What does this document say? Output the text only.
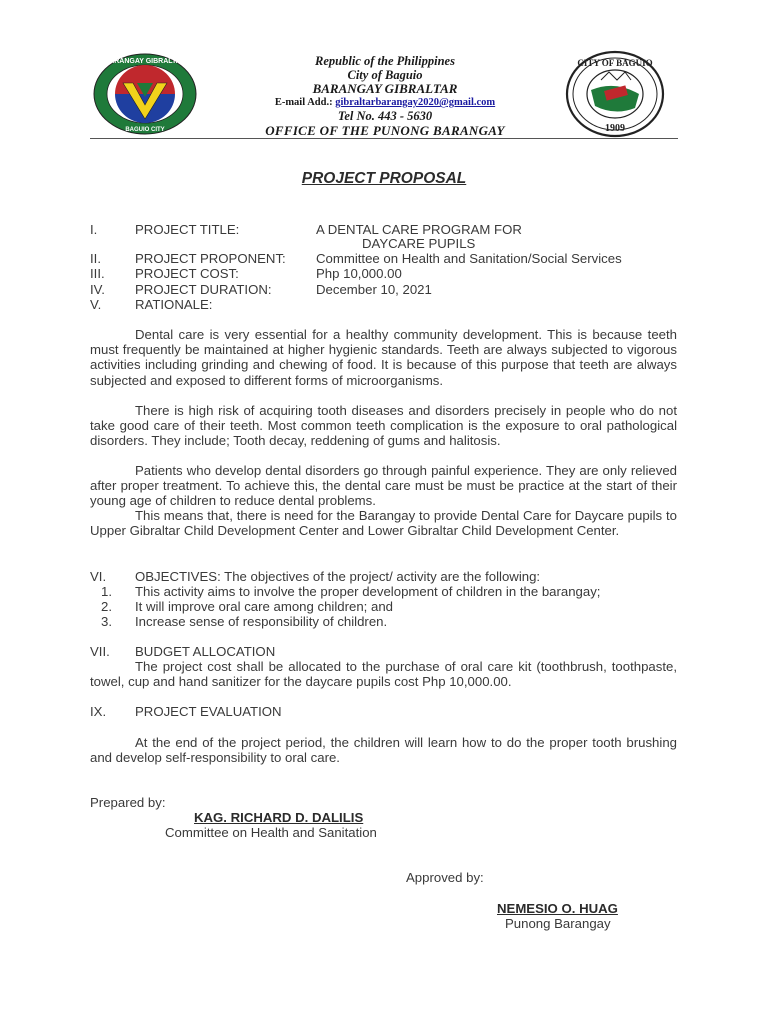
BARANGAY GIBRALTAR
BAGUIO CITY
Republic of the Philippines
City of Baguio
BARANGAY GIBRALTAR
E-mail Add.: gibraltarbarangay2020@gmail.com
Tel No. 443 - 5630
OFFICE OF THE PUNONG BARANGAY
CITY OF BAGUIO
1909
PROJECT PROPOSAL
I.	PROJECT TITLE:	A DENTAL CARE PROGRAM FOR
DAYCARE PUPILS
II.	PROJECT PROPONENT: Committee on Health and Sanitation/Social Services
III. PROJECT COST:	Php 10,000.00
IV. PROJECT DURATION:	December 10, 2021
V.	RATIONALE:
Dental care is very essential for a healthy community development. This is because teeth must frequently be maintained at higher hygienic standards. Teeth are always subjected to vigorous activities including grinding and chewing of food. It is because of this purpose that teeth are always subjected and exposed to different forms of microorganisms.
There is high risk of acquiring tooth diseases and disorders precisely in people who do not take good care of their teeth. Most common teeth complication is the exposure to oral pathological disorders. They include; Tooth decay, reddening of gums and halitosis.
Patients who develop dental disorders go through painful experience. They are only relieved after proper treatment. To achieve this, the dental care must be must be practice at the start of their young age of children to reduce dental problems.
This means that, there is need for the Barangay to provide Dental Care for Daycare pupils to Upper Gibraltar Child Development Center and Lower Gibraltar Child Development Center.
VI. OBJECTIVES: The objectives of the project/ activity are the following:
1. This activity aims to involve the proper development of children in the barangay;
2. It will improve oral care among children; and
3. Increase sense of responsibility of children.
VII. BUDGET ALLOCATION
The project cost shall be allocated to the purchase of oral care kit (toothbrush, toothpaste, towel, cup and hand sanitizer for the daycare pupils cost Php 10,000.00.
IX. PROJECT EVALUATION
At the end of the project period, the children will learn how to do the proper tooth brushing and develop self-responsibility to oral care.
Prepared by:
KAG. RICHARD D. DALILIS
Committee on Health and Sanitation
Approved by:
NEMESIO O. HUAG
Punong Barangay
